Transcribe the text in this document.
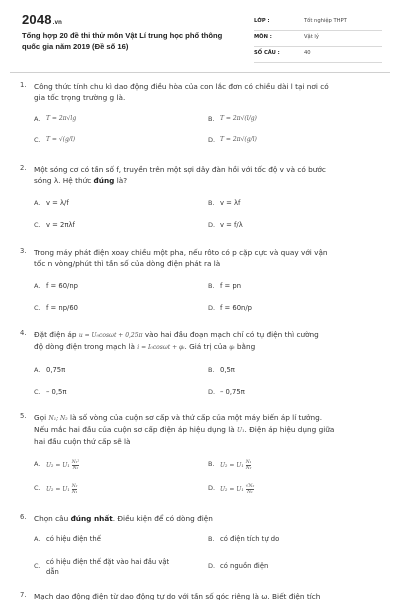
2048.vn
Tổng hợp 20 đề thi thử môn Vật Lí trung học phổ thông
quốc gia năm 2019 (Đề số 16)
LỚP :	Tốt nghiệp THPT
MÔN :	Vật lý
SỐ CÂU :	40
1. Công thức tính chu kì dao động điều hòa của con lắc đơn có chiều dài l tại nơi có
gia tốc trọng trường g là.
A. T = 2π√lg	B. T = 2π√(l/g)
C. T = √(g/l)	D. T = 2π√(g/l)
2. Một sóng cơ có tần số f, truyền trên một sợi dây đàn hồi với tốc độ v và có bước
sóng λ. Hệ thức đúng là?
A. v = λ/f	B. v = λf
C. v = 2πλf	D. v = f/λ
3. Trong máy phát điện xoay chiều một pha, nếu rôto có p cặp cực và quay với vận
tốc n vòng/phút thì tần số của dòng điện phát ra là
A. f = 60/np	B. f = pn
C. f = np/60	D. f = 60n/p
4. Đặt điện áp u = U₀cosωt + 0,25π vào hai đầu đoạn mạch chỉ có tụ điện thì cường
độ dòng điện trong mạch là i = I₀cosωt + φᵢ. Giá trị của φᵢ bằng
A. 0,75π	B. 0,5π
C. – 0,5π	D. – 0,75π
5. Gọi N₁; N₂ là số vòng của cuộn sơ cấp và thứ cấp của một máy biến áp lí tưởng.
Nếu mắc hai đầu của cuộn sơ cấp điện áp hiệu dụng là U₁. Điện áp hiệu dụng giữa
hai đầu cuộn thứ cấp sẽ là
A. $U_2 = U_1 \frac{\text{N₁²}}{\text{N₂}}$	B. $U_2 = U_1 \frac{\text{N₁}}{\text{N₂}}$
C. $U_2 = U_1 \frac{\text{N₂}}{\text{N₁}}$	D. $U_2 = U_1 \frac{\text{√N₂}}{\text{N₁}}$
6. Chọn câu đúng nhất. Điều kiện để có dòng điện
A. có hiệu điện thế	B. có điện tích tự do
C. có hiệu điện thế đặt vào hai đầu vật
dẫn
D. có nguồn điện
7. Mạch dao động điện từ dao động tự do với tần số góc riêng là ω. Biết điện tích
